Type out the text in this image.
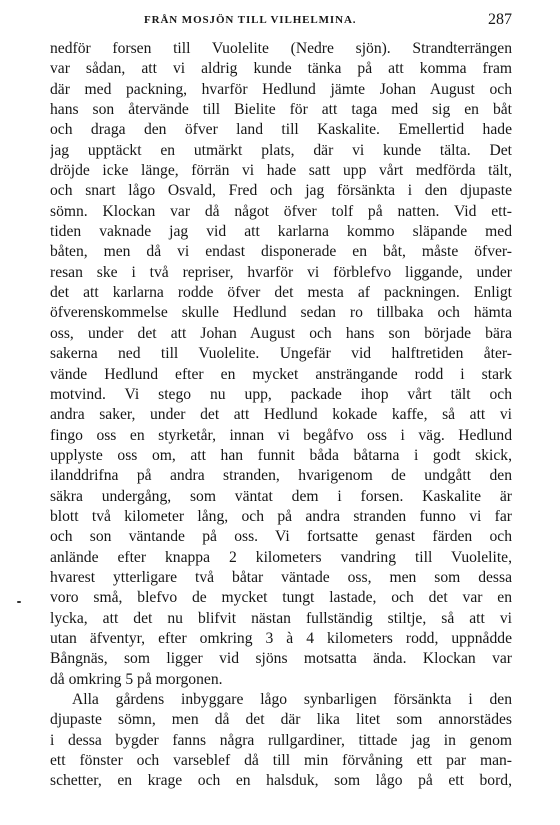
FRÅN MOSJÖN TILL VILHELMINA.	287
nedför forsen till Vuolelite (Nedre sjön). Strandterrängen
var sådan, att vi aldrig kunde tänka på att komma fram
där med packning, hvarför Hedlund jämte Johan August och
hans son återvände till Bielite för att taga med sig en båt
och draga den öfver land till Kaskalite. Emellertid hade
jag upptäckt en utmärkt plats, där vi kunde tälta. Det
dröjde icke länge, förrän vi hade satt upp vårt medförda tält,
och snart lågo Osvald, Fred och jag försänkta i den djupaste
sömn. Klockan var då något öfver tolf på natten. Vid ett-
tiden vaknade jag vid att karlarna kommo släpande med
båten, men då vi endast disponerade en båt, måste öfver-
resan ske i två repriser, hvarför vi förblefvo liggande, under
det att karlarna rodde öfver det mesta af packningen. Enligt
öfverenskommelse skulle Hedlund sedan ro tillbaka och hämta
oss, under det att Johan August och hans son började bära
sakerna ned till Vuolelite. Ungefär vid halftretiden åter-
vände Hedlund efter en mycket ansträngande rodd i stark
motvind. Vi stego nu upp, packade ihop vårt tält och
andra saker, under det att Hedlund kokade kaffe, så att vi
fingo oss en styrketår, innan vi begåfvo oss i väg. Hedlund
upplyste oss om, att han funnit båda båtarna i godt skick,
ilanddrifna på andra stranden, hvarigenom de undgått den
säkra undergång, som väntat dem i forsen. Kaskalite är
blott två kilometer lång, och på andra stranden funno vi far
och son väntande på oss. Vi fortsatte genast färden och
anlände efter knappa 2 kilometers vandring till Vuolelite,
hvarest ytterligare två båtar väntade oss, men som dessa
voro små, blefvo de mycket tungt lastade, och det var en
lycka, att det nu blifvit nästan fullständig stiltje, så att vi
utan äfventyr, efter omkring 3 à 4 kilometers rodd, uppnådde
Bångnäs, som ligger vid sjöns motsatta ända. Klockan var
då omkring 5 på morgonen.
Alla gårdens inbyggare lågo synbarligen försänkta i den
djupaste sömn, men då det där lika litet som annorstädes
i dessa bygder fanns några rullgardiner, tittade jag in genom
ett fönster och varseblef då till min förvåning ett par man-
schetter, en krage och en halsduk, som lågo på ett bord,
